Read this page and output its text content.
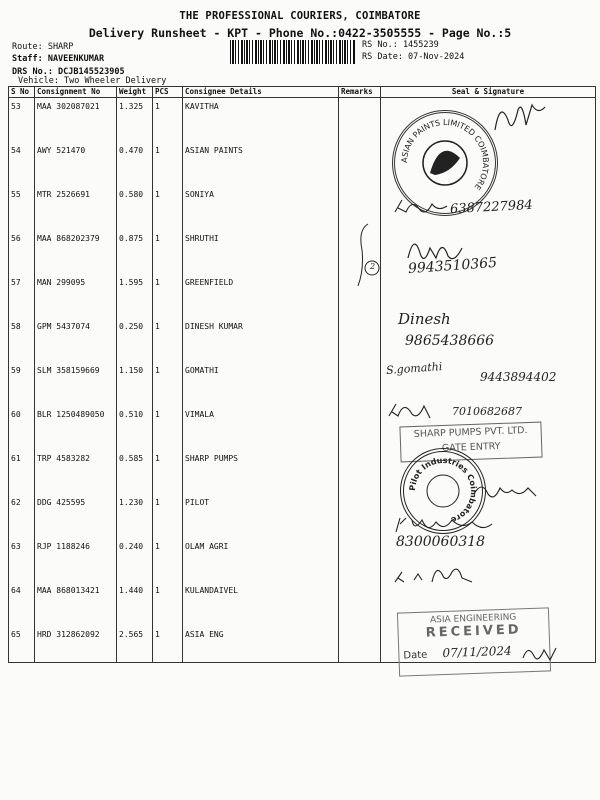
THE PROFESSIONAL COURIERS, COIMBATORE
Delivery Runsheet - KPT - Phone No.:0422-3505555 - Page No.:5
Route: SHARP
Staff: NAVEENKUMAR
DRS No.: DCJB145523905
Vehicle: Two Wheeler Delivery
RS No.: 1455239
RS Date: 07-Nov-2024
S No	Consignment No	Weight	PCS	Consignee Details	Remarks	Seal & Signature
53	MAA 302087021	1.325	1	KAVITHA		
54	AWY 521470	0.470	1	ASIAN PAINTS		
55	MTR 2526691	0.580	1	SONIYA		
56	MAA 868202379	0.875	1	SHRUTHI		
57	MAN 299095	1.595	1	GREENFIELD		
58	GPM 5437074	0.250	1	DINESH KUMAR		
59	SLM 358159669	1.150	1	GOMATHI		
60	BLR 1250489050	0.510	1	VIMALA		
61	TRP 4583282	0.585	1	SHARP PUMPS		
62	DDG 425595	1.230	1	PILOT		
63	RJP 1188246	0.240	1	OLAM AGRI		
64	MAA 868013421	1.440	1	KULANDAIVEL		
65	HRD 312862092	2.565	1	ASIA ENG		
ASIAN PAINTS LIMITED COIMBATORE
6387227984
2 9943510365
Dinesh
9865438666
S.gomathi
9443894402
7010682687
SHARP PUMPS PVT. LTD.
GATE ENTRY
Pilot Industries Coimbatore
8300060318
ASIA ENGINEERING
RECEIVED
Date 07/11/2024
